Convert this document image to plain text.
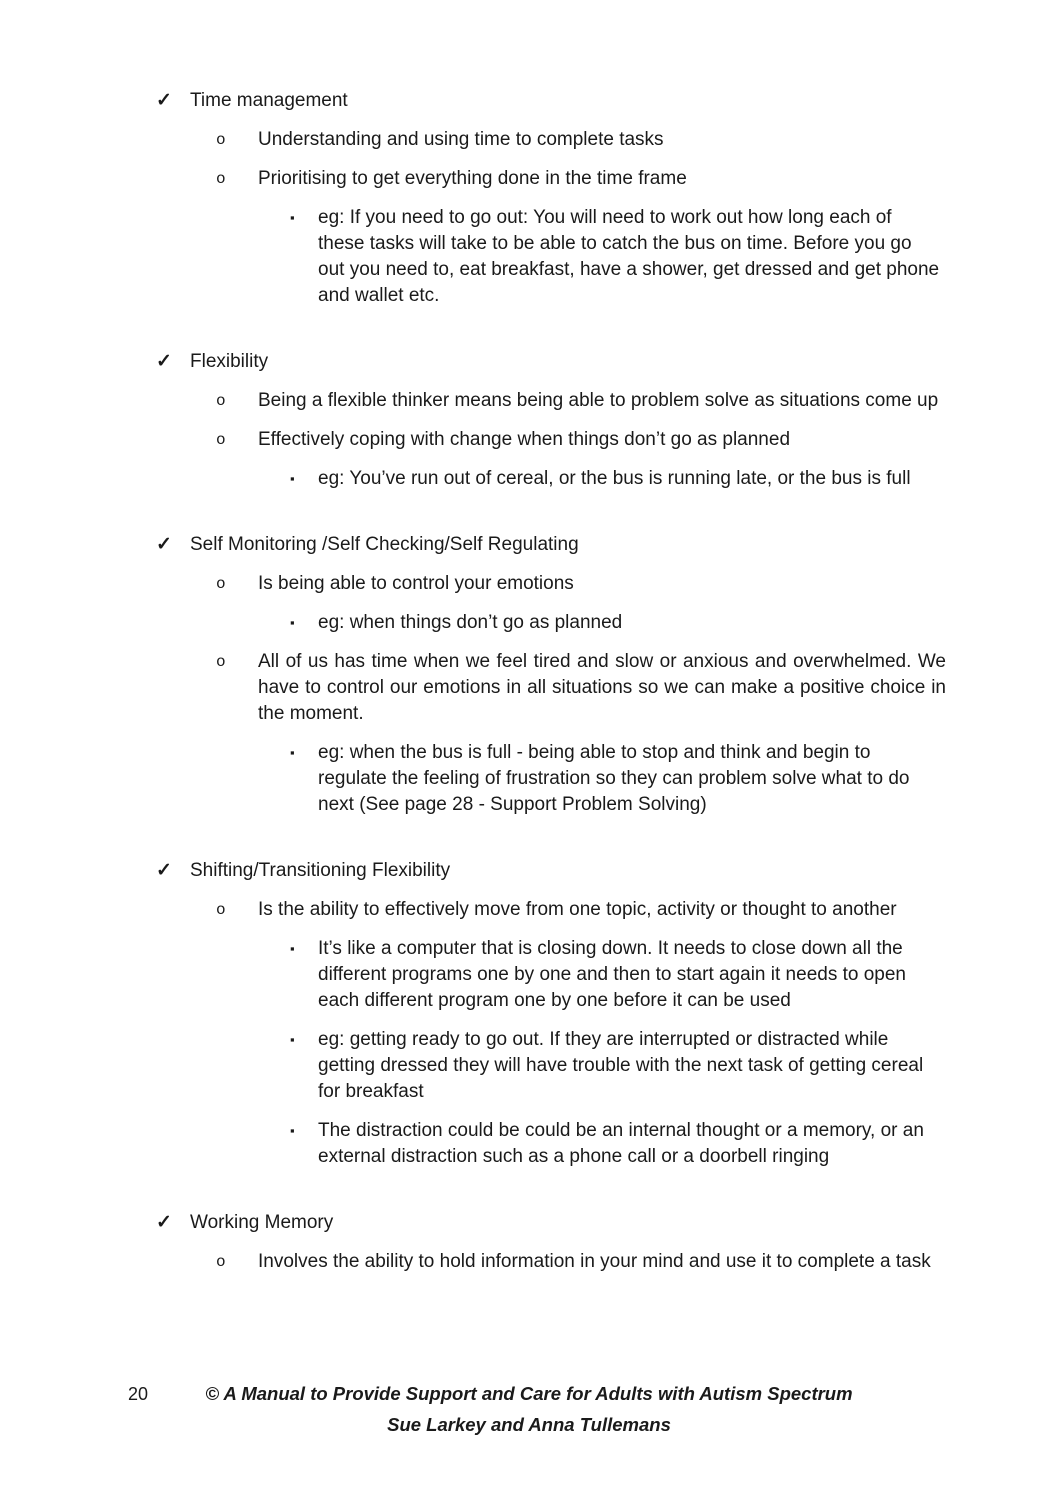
✓ Time management
o	Understanding and using time to complete tasks
o	Prioritising to get everything done in the time frame
▪	eg: If you need to go out: You will need to work out how long each of these tasks will take to be able to catch the bus on time. Before you go out you need to, eat breakfast, have a shower, get dressed and get phone and wallet etc.
✓ Flexibility
o	Being a flexible thinker means being able to problem solve as situations come up
o	Effectively coping with change when things don’t go as planned
▪	eg: You’ve run out of cereal, or the bus is running late, or the bus is full
✓ Self Monitoring /Self Checking/Self Regulating
o	Is being able to control your emotions
▪	eg: when things don’t go as planned
o	All of us has time when we feel tired and slow or anxious and overwhelmed. We have to control our emotions in all situations so we can make a positive choice in the moment.
▪	eg: when the bus is full - being able to stop and think and begin to regulate the feeling of frustration so they can problem solve what to do next (See page 28 - Support Problem Solving)
✓ Shifting/Transitioning Flexibility
o	Is the ability to effectively move from one topic, activity or thought to another
▪	It’s like a computer that is closing down. It needs to close down all the different programs one by one and then to start again it needs to open each different program one by one before it can be used
▪	eg: getting ready to go out. If they are interrupted or distracted while getting dressed they will have trouble with the next task of getting cereal for breakfast
▪	The distraction could be could be an internal thought or a memory, or an external distraction such as a phone call or a doorbell ringing
✓ Working Memory
o	Involves the ability to hold information in your mind and use it to complete a task
20	© A Manual to Provide Support and Care for Adults with Autism Spectrum
Sue Larkey and Anna Tullemans
